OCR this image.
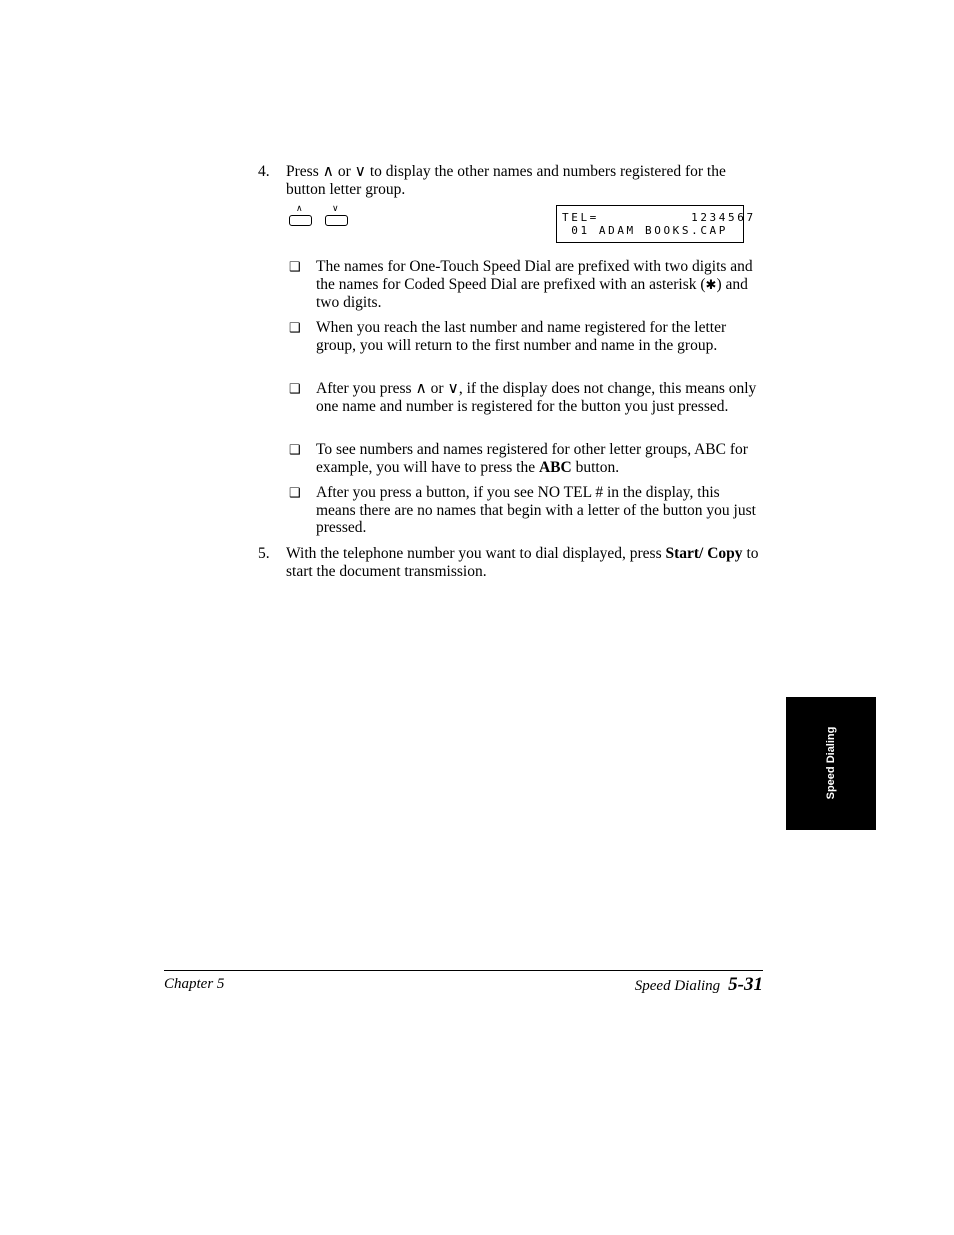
4. Press ∧ or ∨ to display the other names and numbers registered for the button letter group.

∧	∨
TEL=          1234567
01 ADAM BOOKS.CAP
❑ The names for One-Touch Speed Dial are prefixed with two digits and the names for Coded Speed Dial are prefixed with an asterisk (✱) and two digits.

❑ When you reach the last number and name registered for the letter group, you will return to the first number and name in the group.

❑ After you press ∧ or ∨, if the display does not change, this means only one name and number is registered for the button you just pressed.

❑ To see numbers and names registered for other letter groups, ABC for example, you will have to press the ABC button.

❑ After you press a button, if you see NO TEL # in the display, this means there are no names that begin with a letter of the button you just pressed.

5. With the telephone number you want to dial displayed, press Start/ Copy to start the document transmission.

Speed Dialing
Chapter 5	Speed Dialing 5-31
